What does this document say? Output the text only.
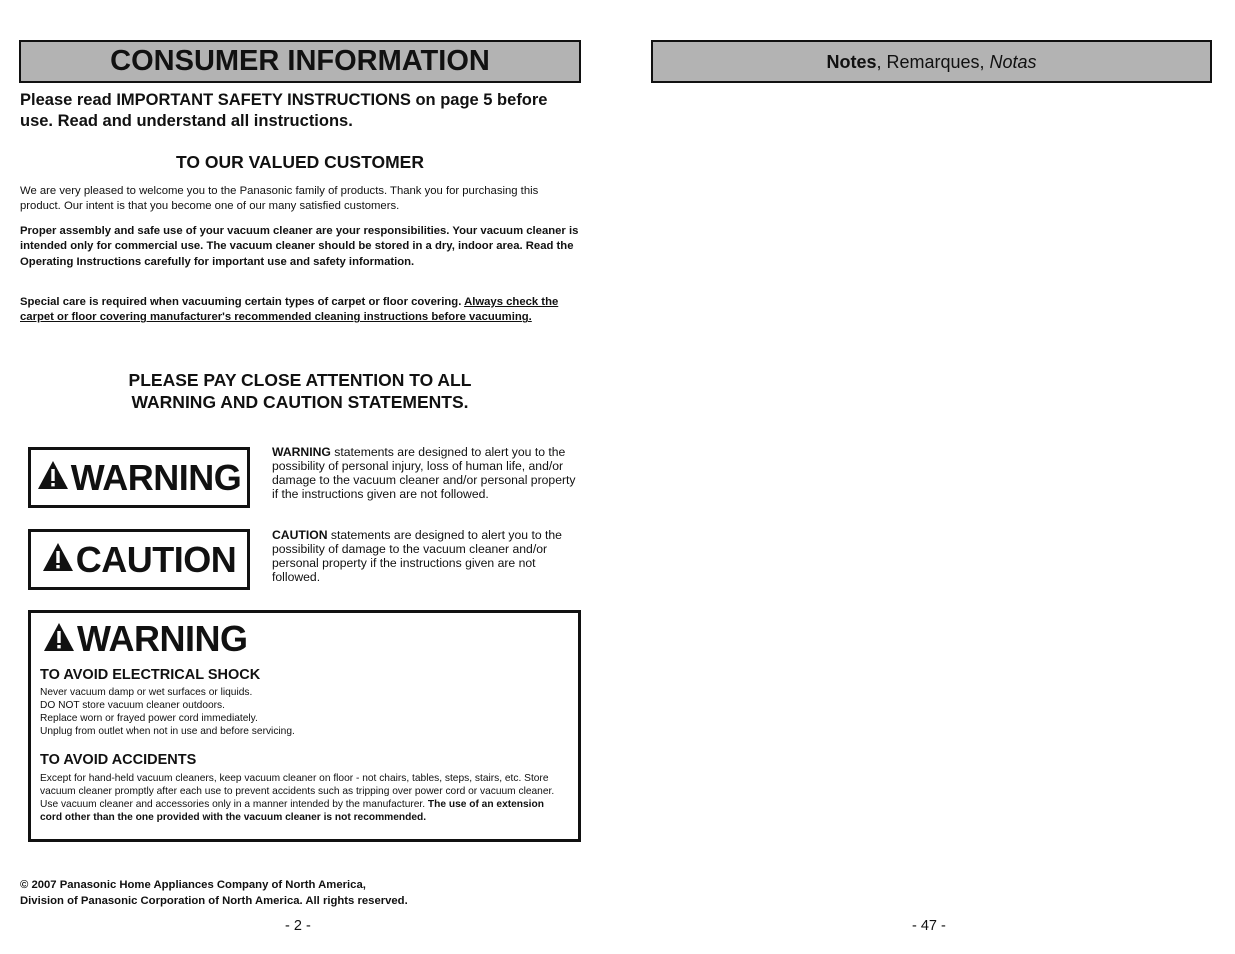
CONSUMER INFORMATION
Please read IMPORTANT SAFETY INSTRUCTIONS on page 5 before use. Read and understand all instructions.
TO OUR VALUED CUSTOMER
We are very pleased to welcome you to the Panasonic family of products. Thank you for purchasing this product. Our intent is that you become one of our many satisfied customers.
Proper assembly and safe use of your vacuum cleaner are your responsibilities. Your vacuum cleaner is intended only for commercial use. The vacuum cleaner should be stored in a dry, indoor area. Read the Operating Instructions carefully for important use and safety information.
Special care is required when vacuuming certain types of carpet or floor covering. Always check the carpet or floor covering manufacturer's recommended cleaning instructions before vacuuming.
PLEASE PAY CLOSE ATTENTION TO ALL
WARNING AND CAUTION STATEMENTS.
WARNING
WARNING statements are designed to alert you to the possibility of personal injury, loss of human life, and/or damage to the vacuum cleaner and/or personal property if the instructions given are not followed.
CAUTION
CAUTION statements are designed to alert you to the possibility of damage to the vacuum cleaner and/or personal property if the instructions given are not followed.
WARNING
TO AVOID ELECTRICAL SHOCK
Never vacuum damp or wet surfaces or liquids.
DO NOT store vacuum cleaner outdoors.
Replace worn or frayed power cord immediately.
Unplug from outlet when not in use and before servicing.
TO AVOID ACCIDENTS
Except for hand-held vacuum cleaners, keep vacuum cleaner on floor - not chairs, tables, steps, stairs, etc. Store vacuum cleaner promptly after each use to prevent accidents such as tripping over power cord or vacuum cleaner. Use vacuum cleaner and accessories only in a manner intended by the manufacturer. The use of an extension cord other than the one provided with the vacuum cleaner is not recommended.
© 2007 Panasonic Home Appliances Company of North America,
Division of Panasonic Corporation of North America. All rights reserved.
- 2 -
Notes, Remarques, Notas
- 47 -
